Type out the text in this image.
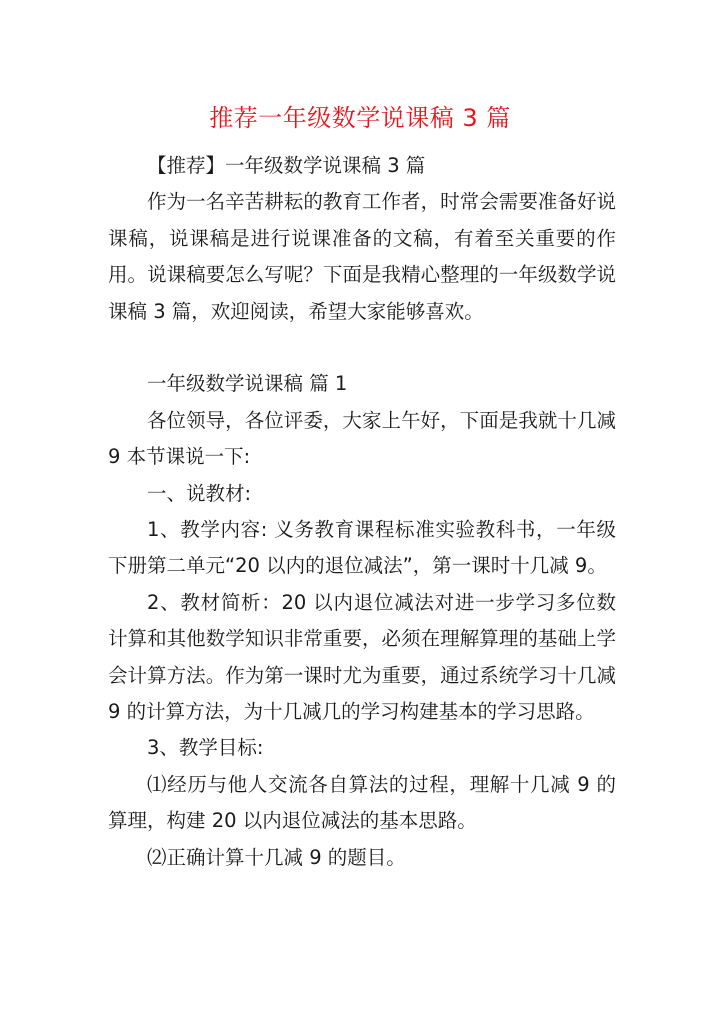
推荐一年级数学说课稿 3 篇

【推荐】一年级数学说课稿 3 篇

作为一名辛苦耕耘的教育工作者，时常会需要准备好说课稿，说课稿是进行说课准备的文稿，有着至关重要的作用。说课稿要怎么写呢？下面是我精心整理的一年级数学说课稿 3 篇，欢迎阅读，希望大家能够喜欢。

一年级数学说课稿 篇 1

各位领导，各位评委，大家上午好，下面是我就十几减 9 本节课说一下:

一、说教材:

1、教学内容: 义务教育课程标准实验教科书，一年级下册第二单元“20 以内的退位减法”，第一课时十几减 9。

2、教材简析：20 以内退位减法对进一步学习多位数计算和其他数学知识非常重要，必须在理解算理的基础上学会计算方法。作为第一课时尤为重要，通过系统学习十几减 9 的计算方法，为十几减几的学习构建基本的学习思路。

3、教学目标:

⑴经历与他人交流各自算法的过程，理解十几减 9 的算理，构建 20 以内退位减法的基本思路。

⑵正确计算十几减 9 的题目。
